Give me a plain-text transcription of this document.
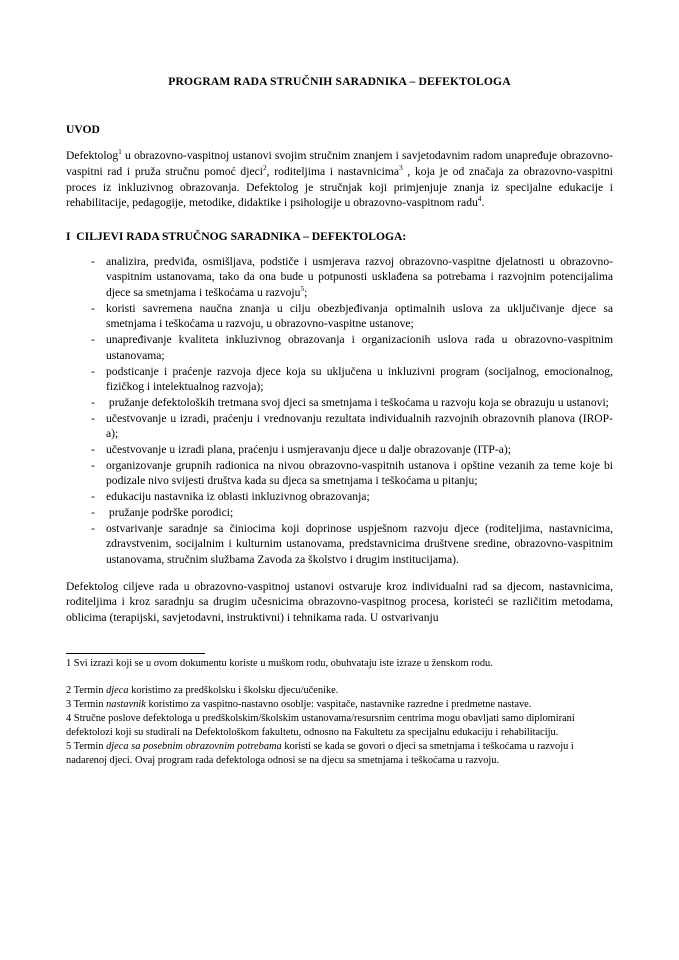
PROGRAM RADA STRUČNIH SARADNIKA – DEFEKTOLOGA
UVOD

Defektolog$^1$ u obrazovno-vaspitnoj ustanovi svojim stručnim znanjem i savjetodavnim radom unapređuje obrazovno-vaspitni rad i pruža stručnu pomoć djeci$^2$, roditeljima i nastavnicima$^3$ , koja je od značaja za obrazovno-vaspitni proces iz inkluzivnog obrazovanja. Defektolog je stručnjak koji primjenjuje znanja iz specijalne edukacije i rehabilitacije, pedagogije, metodike, didaktike i psihologije u obrazovno-vaspitnom radu$^4$.

I  CILJEVI RADA STRUČNOG SARADNIKA – DEFEKTOLOGA:
- analizira, predviđa, osmišljava, podstiče i usmjerava razvoj obrazovno-vaspitne djelatnosti u obrazovno-vaspitnim ustanovama, tako da ona bude u potpunosti usklađena sa potrebama i razvojnim potencijalima djece sa smetnjama i teškoćama u razvoju$^5$;
- koristi savremena naučna znanja u cilju obezbjeđivanja optimalnih uslova za uključivanje djece sa smetnjama i teškoćama u razvoju, u obrazovno-vaspitne ustanove;
- unapređivanje kvaliteta inkluzivnog obrazovanja i organizacionih uslova rada u obrazovno-vaspitnim ustanovama;
- podsticanje i praćenje razvoja djece koja su uključena u inkluzivni program (socijalnog, emocionalnog, fizičkog i intelektualnog razvoja);
- pružanje defektoloških tretmana svoj djeci sa smetnjama i teškoćama u razvoju koja se obrazuju u ustanovi;
- učestvovanje u izradi, praćenju i vrednovanju rezultata individualnih razvojnih obrazovnih planova (IROP-a);
- učestvovanje u izradi plana, praćenju i usmjeravanju djece u dalje obrazovanje (ITP-a);
- organizovanje grupnih radionica na nivou obrazovno-vaspitnih ustanova i opštine vezanih za teme koje bi podizale nivo svijesti društva kada su djeca sa smetnjama i teškoćama u pitanju;
- edukaciju nastavnika iz oblasti inkluzivnog obrazovanja;
- pružanje podrške porodici;
- ostvarivanje saradnje sa činiocima koji doprinose uspješnom razvoju djece (roditeljima, nastavnicima, zdravstvenim, socijalnim i kulturnim ustanovama, predstavnicima društvene sredine, obrazovno-vaspitnim ustanovama, stručnim službama Zavoda za školstvo i drugim institucijama).

Defektolog ciljeve rada u obrazovno-vaspitnoj ustanovi ostvaruje kroz individualni rad sa djecom, nastavnicima, roditeljima i kroz saradnju sa drugim učesnicima obrazovno-vaspitnog procesa, koristeći se različitim metodama, oblicima (terapijski, savjetodavni, instruktivni) i tehnikama rada. U ostvarivanju

1 Svi izrazi koji se u ovom dokumentu koriste u muškom rodu, obuhvataju iste izraze u ženskom rodu.

2 Termin djeca koristimo za predškolsku i školsku djecu/učenike.

3 Termin nastavnik koristimo za vaspitno-nastavno osoblje: vaspitače, nastavnike razredne i predmetne nastave.

4 Stručne poslove defektologa u predškolskim/školskim ustanovama/resursnim centrima mogu obavljati samo diplomirani defektolozi koji su studirali na Defektološkom fakultetu, odnosno na Fakultetu za specijalnu edukaciju i rehabilitaciju.

5 Termin djeca sa posebnim obrazovnim potrebama koristi se kada se govori o djeci sa smetnjama i teškoćama u razvoju i nadarenoj djeci. Ovaj program rada defektologa odnosi se na djecu sa smetnjama i teškoćama u razvoju.
